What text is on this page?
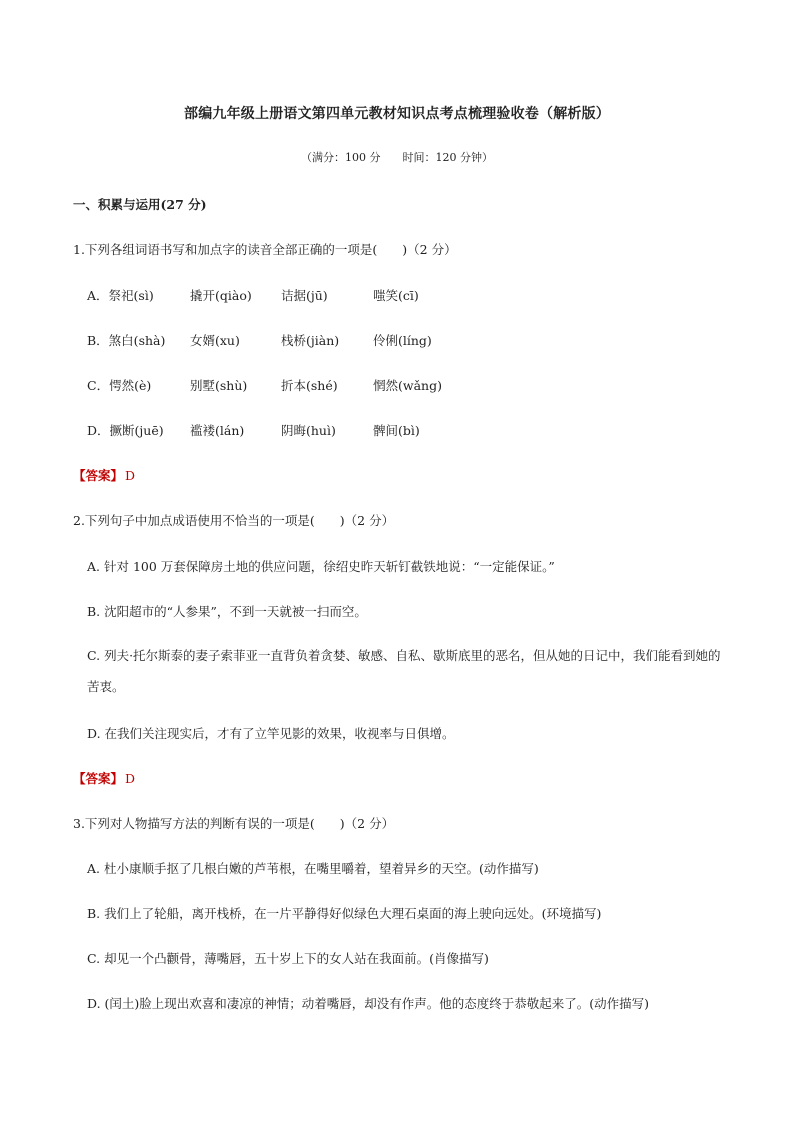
部编九年级上册语文第四单元教材知识点考点梳理验收卷（解析版）
（满分：100 分 时间：120 分钟）
一、积累与运用(27 分)
1.下列各组词语书写和加点字的读音全部正确的一项是(　　)（2 分）
A．祭祀(sì)	撬开(qiào) 诘据(jū)	嗤笑(cī)
B．煞白(shà) 女婿(xu)	栈桥(jiàn)	伶俐(líng)
C．愕然(è)	别墅(shù)	折本(shé)	惘然(wǎng)
D．撅断(juē) 褴褛(lán)	阴晦(huì)	髀间(bì)
【答案】 D
2.下列句子中加点成语使用不恰当的一项是(　　)（2 分）
A. 针对 100 万套保障房土地的供应问题，徐绍史昨天斩钉截铁地说：“一定能保证。”
B. 沈阳超市的“人参果”，不到一天就被一扫而空。
C. 列夫·托尔斯泰的妻子索菲亚一直背负着贪婪、敏感、自私、歇斯底里的恶名，但从她的日记中，我们能看到她的苦衷。
D. 在我们关注现实后，才有了立竿见影的效果，收视率与日俱增。
【答案】 D
3.下列对人物描写方法的判断有误的一项是(　　)（2 分）
A. 杜小康顺手抠了几根白嫩的芦苇根，在嘴里嚼着，望着异乡的天空。(动作描写)
B. 我们上了轮船，离开栈桥，在一片平静得好似绿色大理石桌面的海上驶向远处。(环境描写)
C. 却见一个凸颧骨，薄嘴唇，五十岁上下的女人站在我面前。(肖像描写)
D. (闰土)脸上现出欢喜和凄凉的神情；动着嘴唇，却没有作声。他的态度终于恭敬起来了。(动作描写)
